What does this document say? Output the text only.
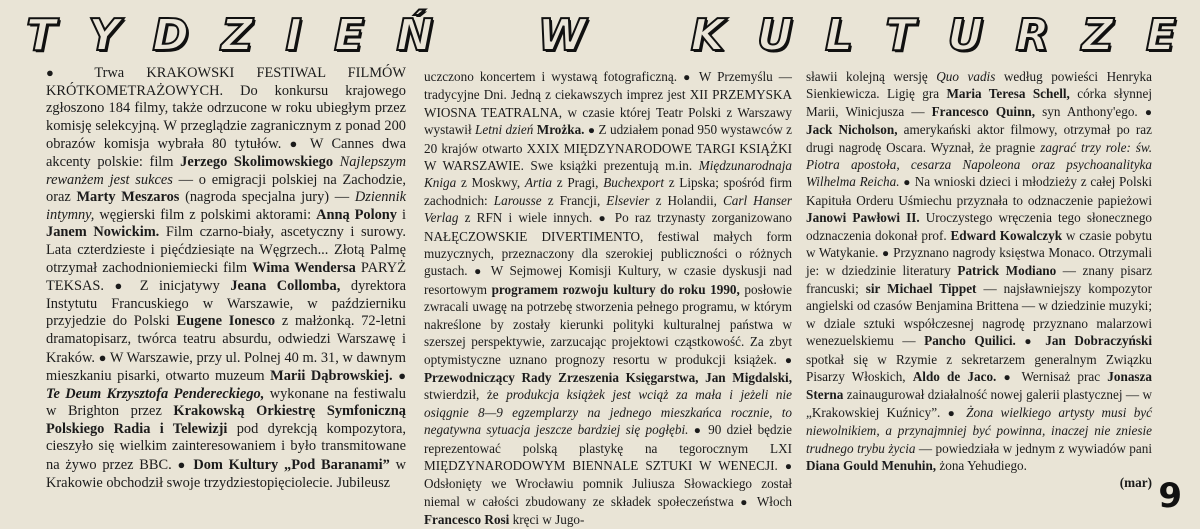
T Y D Z I E Ń W K U L T U R Z E

● Trwa KRAKOWSKI FESTIWAL FILMÓW KRÓTKOMETRAŻOWYCH. Do konkursu krajowego zgłoszono 184 filmy, także odrzucone w roku ubiegłym przez komisję selekcyjną. W przeglądzie zagranicznym z ponad 200 obrazów komisja wybrała 80 tytułów. ● W Cannes dwa akcenty polskie: film Jerzego Skolimowskiego Najlepszym rewanżem jest sukces — o emigracji polskiej na Zachodzie, oraz Marty Meszaros (nagroda specjalna jury) — Dziennik intymny, węgierski film z polskimi aktorami: Anną Polony i Janem Nowickim. Film czarno-biały, ascetyczny i surowy. Lata czterdzieste i pięćdziesiąte na Węgrzech... Złotą Palmę otrzymał zachodnioniemiecki film Wima Wendersa PARYŻ TEKSAS. ● Z inicjatywy Jeana Collomba, dyrektora Instytutu Francuskiego w Warszawie, w październiku przyjedzie do Polski Eugene Ionesco z małżonką. 72-letni dramatopisarz, twórca teatru absurdu, odwiedzi Warszawę i Kraków. ● W Warszawie, przy ul. Polnej 40 m. 31, w dawnym mieszkaniu pisarki, otwarto muzeum Marii Dąbrowskiej. ● Te Deum Krzysztofa Pendereckiego, wykonane na festiwalu w Brighton przez Krakowską Orkiestrę Symfoniczną Polskiego Radia i Telewizji pod dyrekcją kompozytora, cieszyło się wielkim zainteresowaniem i było transmitowane na żywo przez BBC. ● Dom Kultury „Pod Baranami” w Krakowie obchodził swoje trzydziestopięciolecie. Jubileusz

uczczono koncertem i wystawą fotograficzną. ● W Przemyślu — tradycyjne Dni. Jedną z ciekawszych imprez jest XII PRZEMYSKA WIOSNA TEATRALNA, w czasie której Teatr Polski z Warszawy wystawił Letni dzień Mrożka. ● Z udziałem ponad 950 wystawców z 20 krajów otwarto XXIX MIĘDZYNARODOWE TARGI KSIĄŻKI W WARSZAWIE. Swe książki prezentują m.in. Międzunarodnaja Kniga z Moskwy, Artia z Pragi, Buchexport z Lipska; spośród firm zachodnich: Larousse z Francji, Elsevier z Holandii, Carl Hanser Verlag z RFN i wiele innych. ● Po raz trzynasty zorganizowano NAŁĘCZOWSKIE DIVERTIMENTO, festiwal małych form muzycznych, przeznaczony dla szerokiej publiczności o różnych gustach. ● W Sejmowej Komisji Kultury, w czasie dyskusji nad resortowym programem rozwoju kultury do roku 1990, posłowie zwracali uwagę na potrzebę stworzenia pełnego programu, w którym nakreślone by zostały kierunki polityki kulturalnej państwa w szerszej perspektywie, zarzucając projektowi cząstkowość. Za zbyt optymistyczne uznano prognozy resortu w produkcji książek. ● Przewodniczący Rady Zrzeszenia Księgarstwa, Jan Migdalski, stwierdził, że produkcja książek jest wciąż za mała i jeżeli nie osiągnie 8—9 egzemplarzy na jednego mieszkańca rocznie, to negatywna sytuacja jeszcze bardziej się pogłębi. ● 90 dzieł będzie reprezentować polską plastykę na tegorocznym LXI MIĘDZYNARODOWYM BIENNALE SZTUKI W WENECJI. ● Odsłonięty we Wrocławiu pomnik Juliusza Słowackiego został niemal w całości zbudowany ze składek społeczeństwa ● Włoch Francesco Rosi kręci w Jugo-

sławii kolejną wersję Quo vadis według powieści Henryka Sienkiewicza. Ligię gra Maria Teresa Schell, córka słynnej Marii, Winicjusza — Francesco Quinn, syn Anthony'ego. ● Jack Nicholson, amerykański aktor filmowy, otrzymał po raz drugi nagrodę Oscara. Wyznał, że pragnie zagrać trzy role: św. Piotra apostoła, cesarza Napoleona oraz psychoanalityka Wilhelma Reicha. ● Na wnioski dzieci i młodzieży z całej Polski Kapituła Orderu Uśmiechu przyznała to odznaczenie papieżowi Janowi Pawłowi II. Uroczystego wręczenia tego słonecznego odznaczenia dokonał prof. Edward Kowalczyk w czasie pobytu w Watykanie. ● Przyznano nagrody księstwa Monaco. Otrzymali je: w dziedzinie literatury Patrick Modiano — znany pisarz francuski; sir Michael Tippet — najsławniejszy kompozytor angielski od czasów Benjamina Brittena — w dziedzinie muzyki; w dziale sztuki współczesnej nagrodę przyznano malarzowi wenezuelskiemu — Pancho Quilici. ● Jan Dobraczyński spotkał się w Rzymie z sekretarzem generalnym Związku Pisarzy Włoskich, Aldo de Jaco. ● Wernisaż prac Jonasza Sterna zainaugurował działalność nowej galerii plastycznej — w „Krakowskiej Kuźnicy”. ● Żona wielkiego artysty musi być niewolnikiem, a przynajmniej być powinna, inaczej nie zniesie trudnego trybu życia — powiedziała w jednym z wywiadów pani Diana Gould Menuhin, żona Yehudiego.
(mar) 9
